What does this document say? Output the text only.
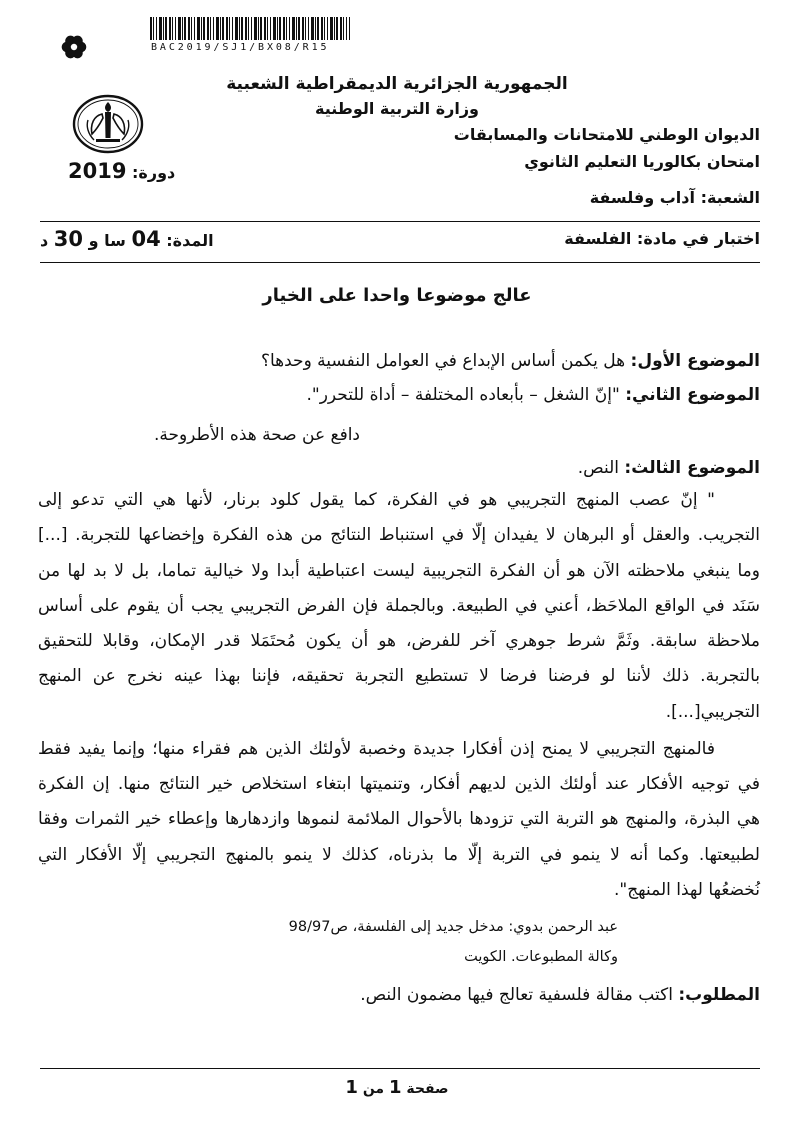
BAC2019/SJ1/BX08/R15
الجمهورية الجزائرية الديمقراطية الشعبية
وزارة التربية الوطنية
الديوان الوطني للامتحانات والمسابقات
امتحان بكالوريا التعليم الثانوي
دورة: 2019
الشعبة: آداب وفلسفة
اختبار في مادة: الفلسفة
المدة: 04 سا و 30 د
عالج موضوعا واحدا على الخيار
الموضوع الأول: هل يكمن أساس الإبداع في العوامل النفسية وحدها؟
الموضوع الثاني: "إنّ الشغل – بأبعاده المختلفة – أداة للتحرر".
دافع عن صحة هذه الأطروحة.
الموضوع الثالث: النص.
" إنّ عصب المنهج التجريبي هو في الفكرة، كما يقول كلود برنار، لأنها هي التي تدعو إلى
التجريب. والعقل أو البرهان لا يفيدان إلّا في استنباط النتائج من هذه الفكرة وإخضاعها للتجربة. [...]
وما ينبغي ملاحظته الآن هو أن الفكرة التجريبية ليست اعتباطية أبدا ولا خيالية تماما، بل لا بد لها من
سَنَد في الواقع الملاحَظ، أعني في الطبيعة. وبالجملة فإن الفرض التجريبي يجب أن يقوم على أساس
ملاحظة سابقة. وثَمَّ شرط جوهري آخر للفرض، هو أن يكون مُحتَمَلا قدر الإمكان، وقابلا للتحقيق
بالتجربة. ذلك لأننا لو فرضنا فرضا لا تستطيع التجربة تحقيقه، فإننا بهذا عينه نخرج عن المنهج
التجريبي[...].
فالمنهج التجريبي لا يمنح إذن أفكارا جديدة وخصبة لأولئك الذين هم فقراء منها؛ وإنما يفيد فقط
في توجيه الأفكار عند أولئك الذين لديهم أفكار، وتنميتها ابتغاء استخلاص خير النتائج منها. إن الفكرة
هي البذرة، والمنهج هو التربة التي تزودها بالأحوال الملائمة لنموها وازدهارها وإعطاء خير الثمرات وفقا
لطبيعتها. وكما أنه لا ينمو في التربة إلّا ما بذرناه، كذلك لا ينمو بالمنهج التجريبي إلّا الأفكار التي
نُخضعُها لهذا المنهج".
عبد الرحمن بدوي: مدخل جديد إلى الفلسفة، ص98/97
وكالة المطبوعات. الكويت
المطلوب: اكتب مقالة فلسفية تعالج فيها مضمون النص.
صفحة 1 من 1
